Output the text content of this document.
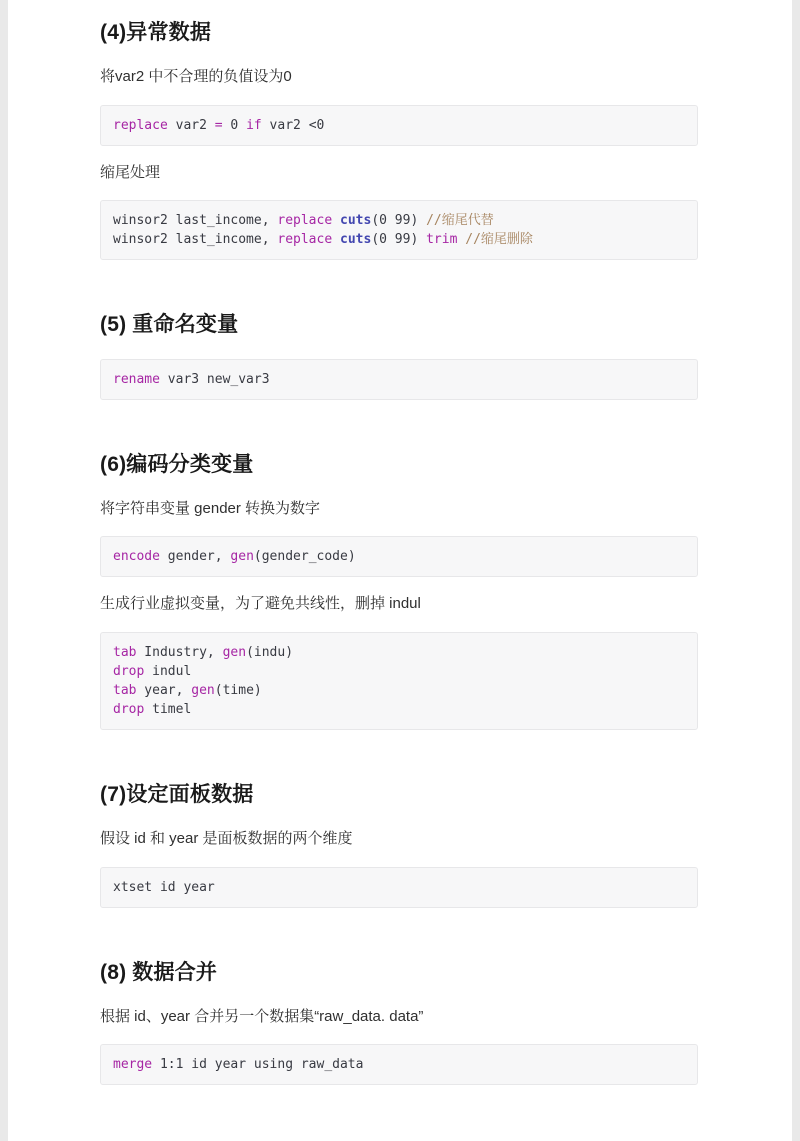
(4)异常数据

将var2 中不合理的负值设为0

replace var2 = 0 if var2 <0

缩尾处理

winsor2 last_income, replace cuts(0 99) //缩尾代替
winsor2 last_income, replace cuts(0 99) trim //缩尾删除
(5) 重命名变量
rename var3 new_var3
(6)编码分类变量

将字符串变量 gender 转换为数字

encode gender, gen(gender_code)

生成行业虚拟变量，为了避免共线性，删掉 indul

tab Industry, gen(indu)
drop indul
tab year, gen(time)
drop timel
(7)设定面板数据

假设 id 和 year 是面板数据的两个维度

xtset id year
(8) 数据合并

根据 id、year 合并另一个数据集“raw_data. data”

merge 1:1 id year using raw_data
